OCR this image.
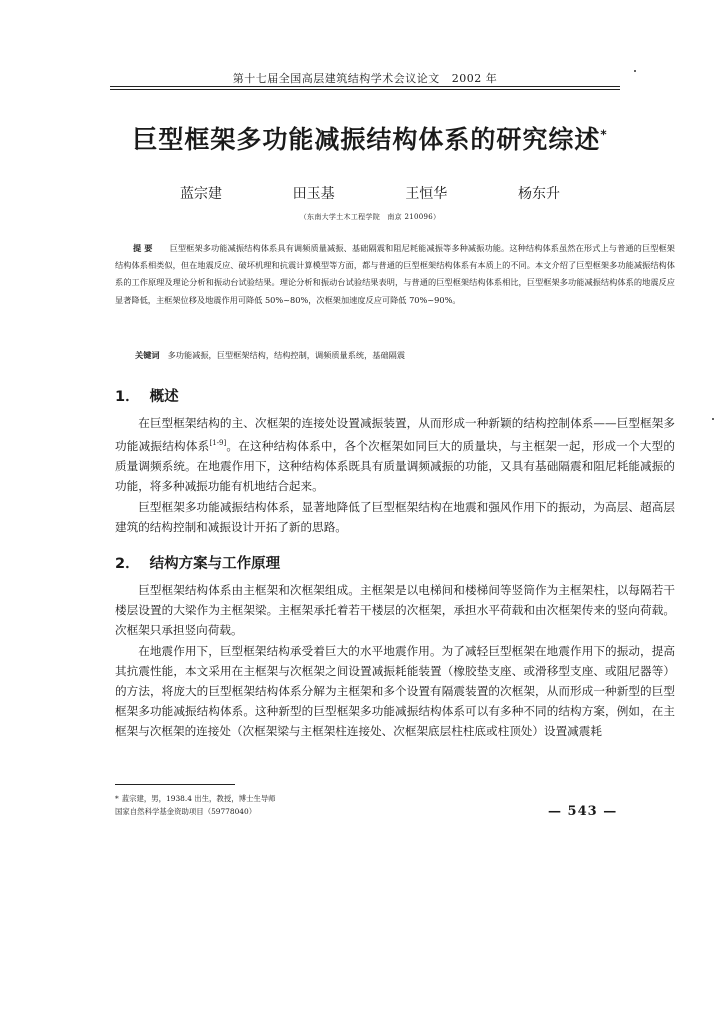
第十七届全国高层建筑结构学术会议论文 2002 年
巨型框架多功能减振结构体系的研究综述*
蓝宗建	田玉基	王恒华	杨东升
（东南大学土木工程学院　南京 210096）
提要 巨型框架多功能减振结构体系具有调频质量减振、基础隔震和阻尼耗能减振等多种减振功能。这种结构体系虽然在形式上与普通的巨型框架结构体系相类似，但在地震反应、破坏机理和抗震计算模型等方面，都与普通的巨型框架结构体系有本质上的不同。本文介绍了巨型框架多功能减振结构体系的工作原理及理论分析和振动台试验结果。理论分析和振动台试验结果表明，与普通的巨型框架结构体系相比，巨型框架多功能减振结构体系的地震反应显著降低，主框架位移及地震作用可降低 50%~80%，次框架加速度反应可降低 70%~90%。
关键词 多功能减振，巨型框架结构，结构控制，调频质量系统，基础隔震
1． 概述

在巨型框架结构的主、次框架的连接处设置减振装置，从而形成一种新颖的结构控制体系——巨型框架多功能减振结构体系[1-9]。在这种结构体系中，各个次框架如同巨大的质量块，与主框架一起，形成一个大型的质量调频系统。在地震作用下，这种结构体系既具有质量调频减振的功能，又具有基础隔震和阻尼耗能减振的功能，将多种减振功能有机地结合起来。

巨型框架多功能减振结构体系，显著地降低了巨型框架结构在地震和强风作用下的振动，为高层、超高层建筑的结构控制和减振设计开拓了新的思路。

2． 结构方案与工作原理

巨型框架结构体系由主框架和次框架组成。主框架是以电梯间和楼梯间等竖筒作为主框架柱，以每隔若干楼层设置的大梁作为主框架梁。主框架承托着若干楼层的次框架，承担水平荷载和由次框架传来的竖向荷载。次框架只承担竖向荷载。

在地震作用下，巨型框架结构承受着巨大的水平地震作用。为了减轻巨型框架在地震作用下的振动，提高其抗震性能，本文采用在主框架与次框架之间设置减振耗能装置（橡胶垫支座、或滑移型支座、或阻尼器等）的方法，将庞大的巨型框架结构体系分解为主框架和多个设置有隔震装置的次框架，从而形成一种新型的巨型框架多功能减振结构体系。这种新型的巨型框架多功能减振结构体系可以有多种不同的结构方案，例如，在主框架与次框架的连接处（次框架梁与主框架柱连接处、次框架底层柱柱底或柱顶处）设置减震耗

* 蓝宗建，男，1938.4 出生，教授，博士生导师
国家自然科学基金资助项目（59778040）	— 543 —
